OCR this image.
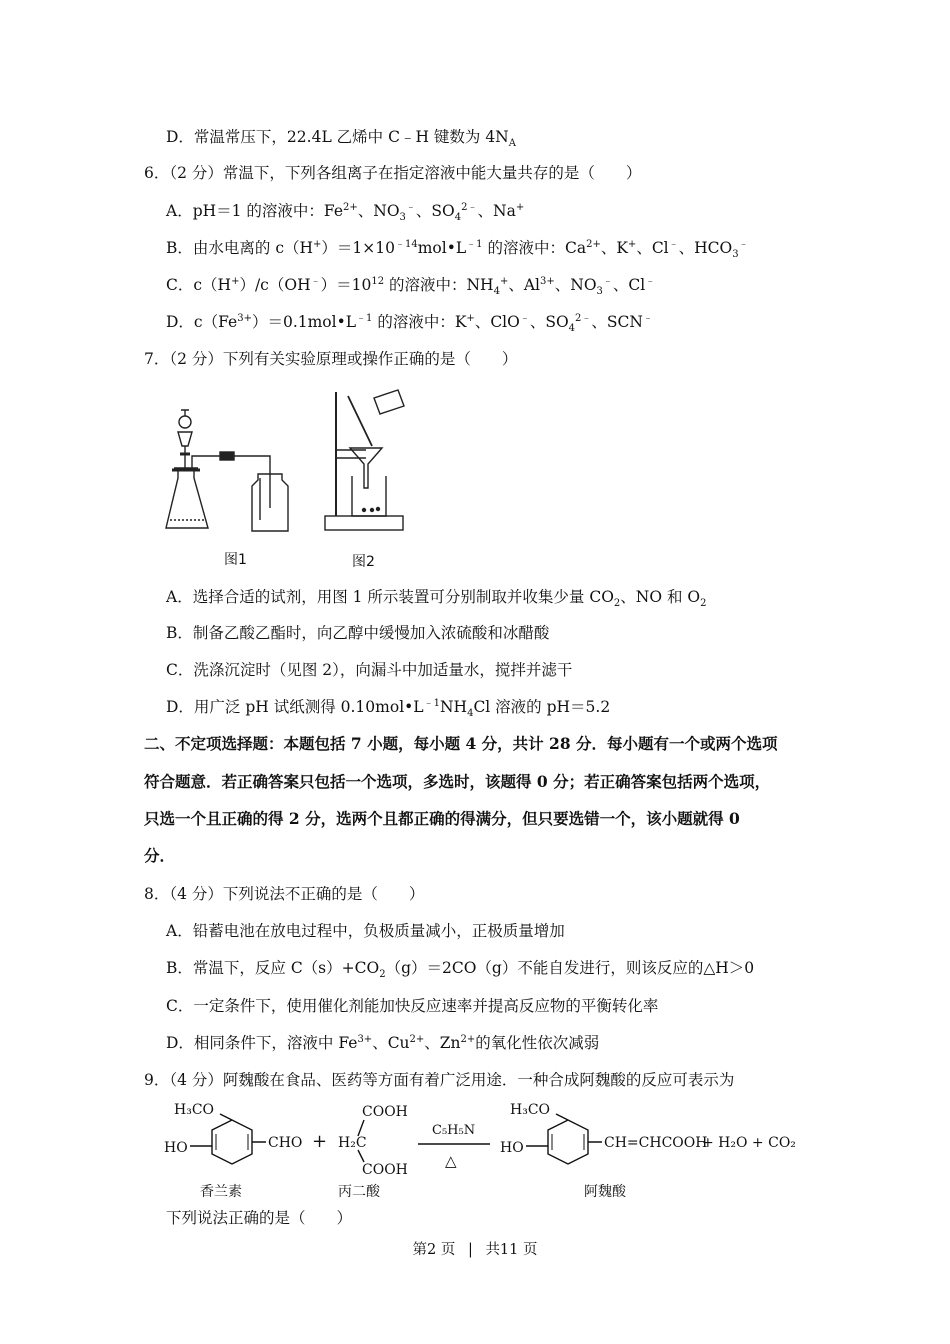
D．常温常压下，22.4L 乙烯中 C﹣H 键数为 $4N_A$
6．（2 分）常温下，下列各组离子在指定溶液中能大量共存的是（　　）
A．pH＝1 的溶液中：$Fe^{2+}$、$NO_3^﹣$、$SO_4^{2﹣}$、Na+
B．由水电离的 $c(H^+)=1\times 10^{﹣14}mol•L^{﹣1}$ 的溶液中：$Ca^{2+}$、K+、Cl﹣、$HCO_3^﹣$
C．$c(H^+)/c(OH^﹣)=10^{12}$ 的溶液中：$NH_4^+$、$Al^{3+}$、$NO_3^﹣$、Cl﹣
D．$c(Fe^{3+})=0.1mol•L^{﹣1}$ 的溶液中：K+、ClO﹣、$SO_4^{2﹣}$、SCN﹣
7．（2 分）下列有关实验原理或操作正确的是（　　）
图1	图2
A．选择合适的试剂，用图 1 所示装置可分别制取并收集少量 $CO_2$、NO 和 $O_2$
B．制备乙酸乙酯时，向乙醇中缓慢加入浓硫酸和冰醋酸
C．洗涤沉淀时（见图 2），向漏斗中加适量水，搅拌并滤干
D．用广泛 pH 试纸测得 $0.10mol•L^{﹣1}NH_4Cl$ 溶液的 pH＝5.2
二、不定项选择题：本题包括 7 小题，每小题 4 分，共计 28 分．每小题有一个或两个选项
符合题意．若正确答案只包括一个选项，多选时，该题得 0 分；若正确答案包括两个选项，
只选一个且正确的得 2 分，选两个且都正确的得满分，但只要选错一个，该小题就得 0
分．
8．（4 分）下列说法不正确的是（　　）
A．铅蓄电池在放电过程中，负极质量减小，正极质量增加
B．常温下，反应 $C(s)+CO_2(g)=2CO(g)$不能自发进行，则该反应的△H＞0
C．一定条件下，使用催化剂能加快反应速率并提高反应物的平衡转化率
D．相同条件下，溶液中 $Fe^{3+}$、$Cu^{2+}$、$Zn^{2+}$的氧化性依次减弱
9．（4 分）阿魏酸在食品、医药等方面有着广泛用途．一种合成阿魏酸的反应可表示为
H₃CO
HO	CHO + H₂C
COOH
COOH
C₅H₅N
△
H₃CO
HO	CH=CHCOOH
+ H₂O + CO₂
香兰素	丙二酸	阿魏酸
下列说法正确的是（　　）
第2 页 | 共11 页
